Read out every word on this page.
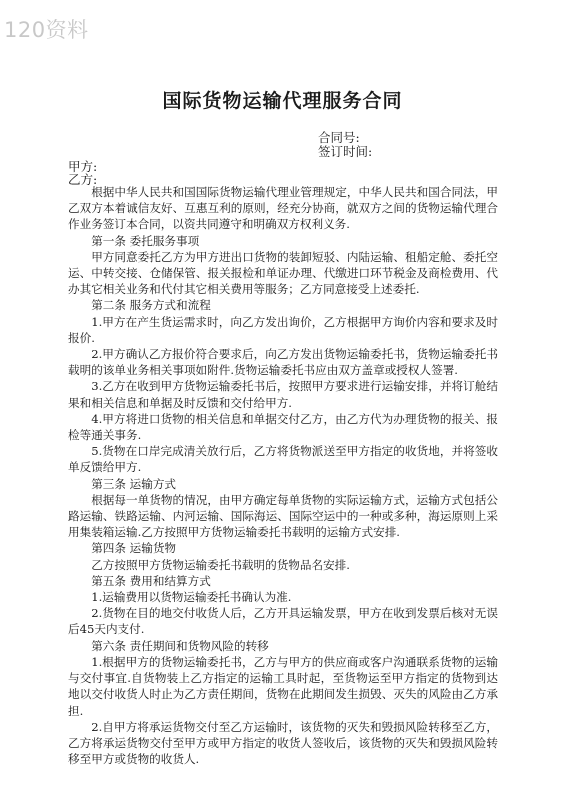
120资料
国际货物运输代理服务合同
合同号:
签订时间:
甲方:
乙方:

根据中华人民共和国国际货物运输代理业管理规定，中华人民共和国合同法，甲乙双方本着诚信友好、互惠互利的原则，经充分协商，就双方之间的货物运输代理合作业务签订本合同，以资共同遵守和明确双方权利义务.

第一条 委托服务事项

甲方同意委托乙方为甲方进出口货物的装卸短驳、内陆运输、租船定舱、委托空运、中转交接、仓储保管、报关报检和单证办理、代缴进口环节税金及商检费用、代办其它相关业务和代付其它相关费用等服务；乙方同意接受上述委托.

第二条 服务方式和流程

1.甲方在产生货运需求时，向乙方发出询价，乙方根据甲方询价内容和要求及时报价.

2.甲方确认乙方报价符合要求后，向乙方发出货物运输委托书，货物运输委托书载明的该单业务相关事项如附件.货物运输委托书应由双方盖章或授权人签署.

3.乙方在收到甲方货物运输委托书后，按照甲方要求进行运输安排，并将订舱结果和相关信息和单据及时反馈和交付给甲方.

4.甲方将进口货物的相关信息和单据交付乙方，由乙方代为办理货物的报关、报检等通关事务.

5.货物在口岸完成清关放行后，乙方将货物派送至甲方指定的收货地，并将签收单反馈给甲方.

第三条 运输方式

根据每一单货物的情况，由甲方确定每单货物的实际运输方式，运输方式包括公路运输、铁路运输、内河运输、国际海运、国际空运中的一种或多种，海运原则上采用集装箱运输.乙方按照甲方货物运输委托书载明的运输方式安排.

第四条 运输货物

乙方按照甲方货物运输委托书载明的货物品名安排.

第五条 费用和结算方式

1.运输费用以货物运输委托书确认为准.

2.货物在目的地交付收货人后，乙方开具运输发票，甲方在收到发票后核对无误后45天内支付.

第六条 责任期间和货物风险的转移

1.根据甲方的货物运输委托书，乙方与甲方的供应商或客户沟通联系货物的运输与交付事宜.自货物装上乙方指定的运输工具时起，至货物运至甲方指定的货物到达地以交付收货人时止为乙方责任期间，货物在此期间发生损毁、灭失的风险由乙方承担.

2.自甲方将承运货物交付至乙方运输时，该货物的灭失和毁损风险转移至乙方，乙方将承运货物交付至甲方或甲方指定的收货人签收后，该货物的灭失和毁损风险转移至甲方或货物的收货人.
